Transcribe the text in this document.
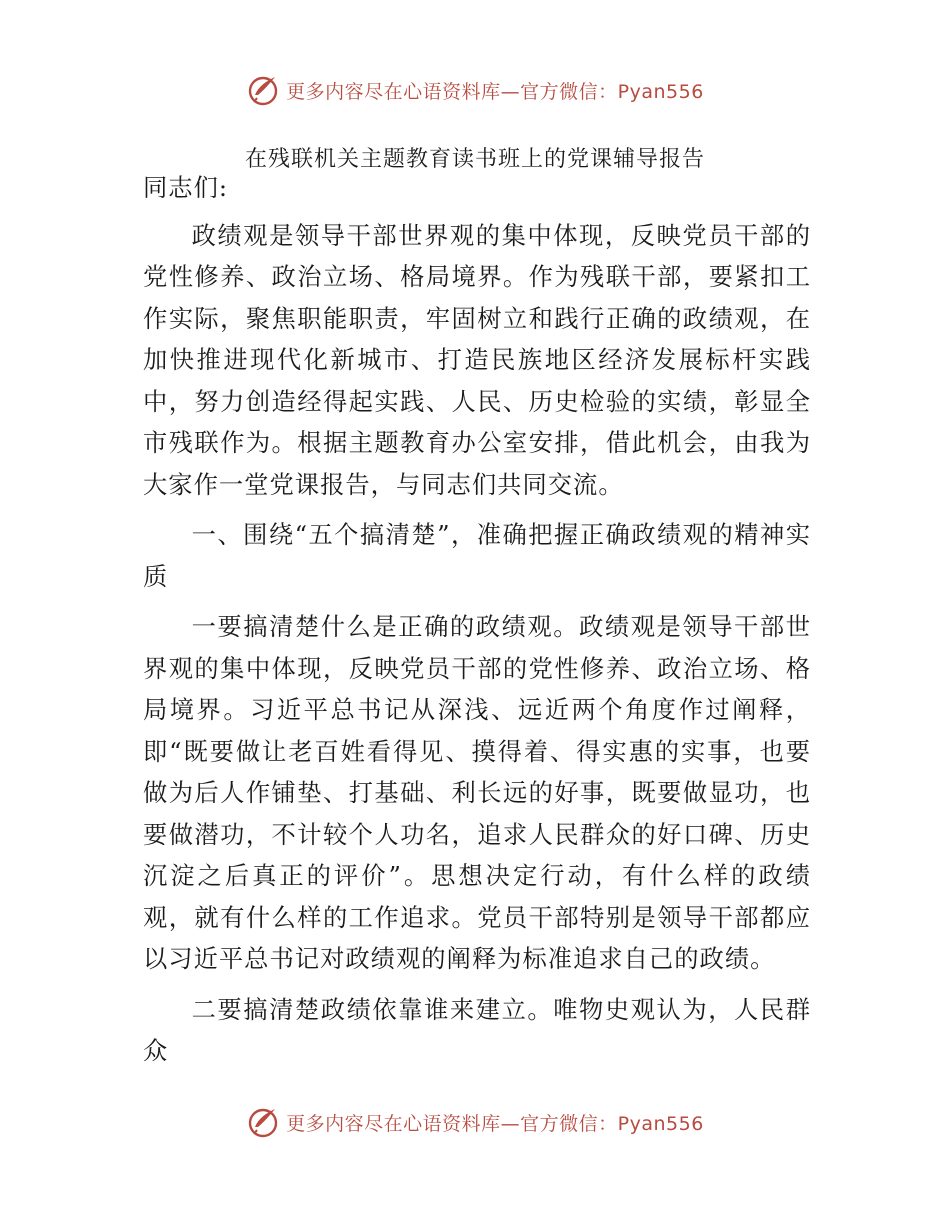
更多内容尽在心语资料库—官方微信：Pyan556
在残联机关主题教育读书班上的党课辅导报告

同志们:

政绩观是领导干部世界观的集中体现，反映党员干部的党性修养、政治立场、格局境界。作为残联干部，要紧扣工作实际，聚焦职能职责，牢固树立和践行正确的政绩观，在加快推进现代化新城市、打造民族地区经济发展标杆实践中，努力创造经得起实践、人民、历史检验的实绩，彰显全市残联作为。根据主题教育办公室安排，借此机会，由我为大家作一堂党课报告，与同志们共同交流。

一、围绕“五个搞清楚”，准确把握正确政绩观的精神实质

一要搞清楚什么是正确的政绩观。政绩观是领导干部世界观的集中体现，反映党员干部的党性修养、政治立场、格局境界。习近平总书记从深浅、远近两个角度作过阐释，即“既要做让老百姓看得见、摸得着、得实惠的实事，也要做为后人作铺垫、打基础、利长远的好事，既要做显功，也要做潜功，不计较个人功名，追求人民群众的好口碑、历史沉淀之后真正的评价”。思想决定行动，有什么样的政绩观，就有什么样的工作追求。党员干部特别是领导干部都应以习近平总书记对政绩观的阐释为标准追求自己的政绩。

二要搞清楚政绩依靠谁来建立。唯物史观认为，人民群众

更多内容尽在心语资料库—官方微信：Pyan556
